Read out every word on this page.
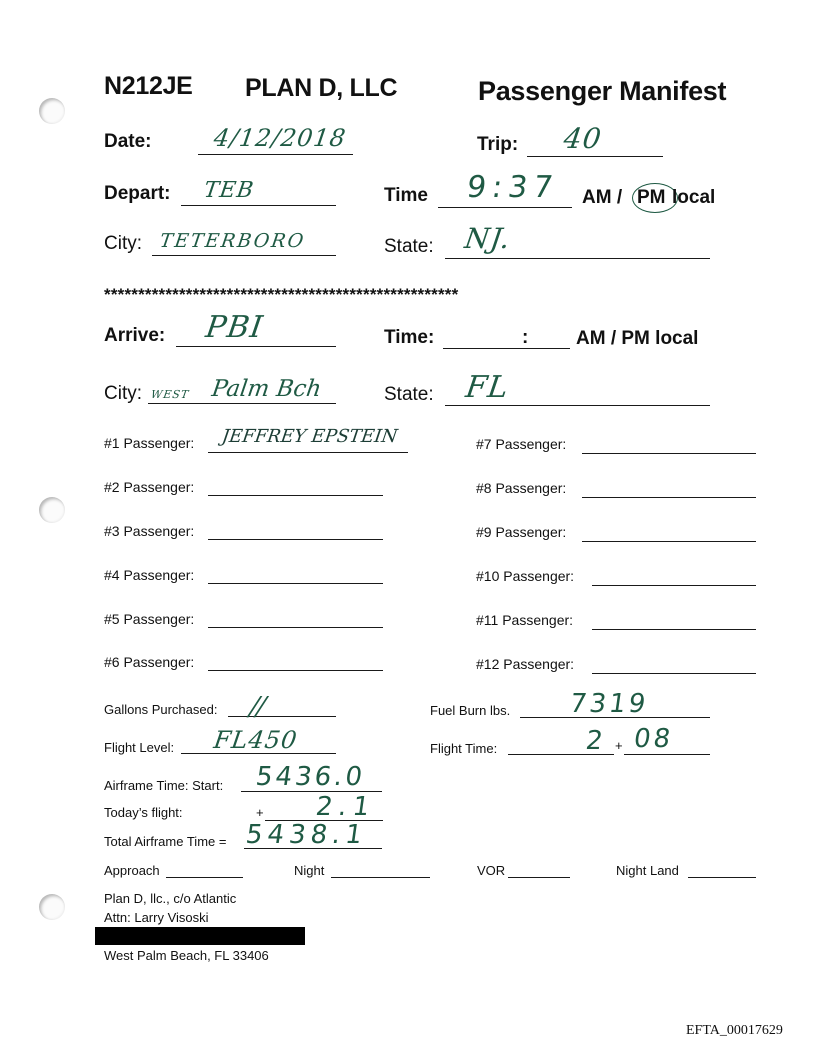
N212JE PLAN D, LLC	Passenger Manifest
Date:	4/12/2018	Trip: 40
Depart: TEB	Time 9:37 AM / PM local
City: TETERBORO	State: NJ.
****************************************************
Arrive: PBI	Time:	:	AM / PM local
City: WEST Palm Bch	State: FL
#1 Passenger: JEFFREY EPSTEIN
#2 Passenger:
#3 Passenger:
#4 Passenger:
#5 Passenger:
#6 Passenger:
#7 Passenger:
#8 Passenger:
#9 Passenger:
#10 Passenger:
#11 Passenger:
#12 Passenger:
Gallons Purchased: //	Fuel Burn lbs. 7319
Flight Level: FL450	Flight Time:	2 + 08
Airframe Time: Start: 5436.0
Today’s flight:	+ 2.1
Total Airframe Time = 5438.1
Approach	Night	VOR	Night Land
Plan D, llc., c/o Atlantic
Attn: Larry Visoski
West Palm Beach, FL 33406
EFTA_00017629
